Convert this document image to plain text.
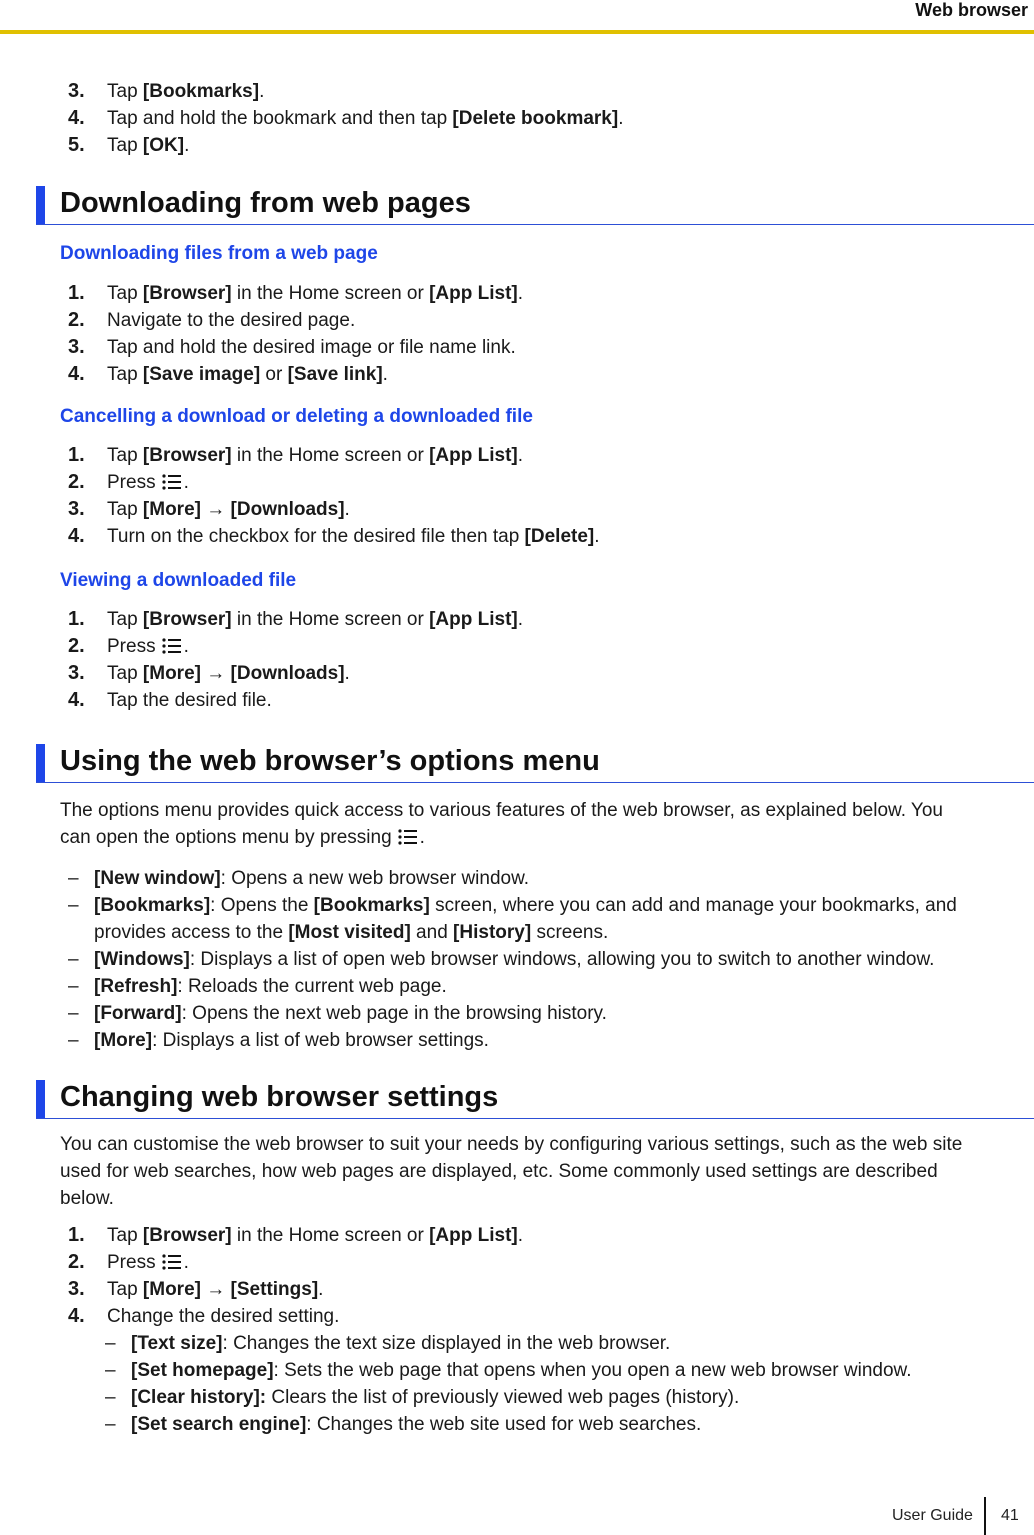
Web browser
3.	Tap [Bookmarks].
4.	Tap and hold the bookmark and then tap [Delete bookmark].
5.	Tap [OK].
Downloading from web pages
Downloading files from a web page
1.	Tap [Browser] in the Home screen or [App List].
2.	Navigate to the desired page.
3.	Tap and hold the desired image or file name link.
4.	Tap [Save image] or [Save link].
Cancelling a download or deleting a downloaded file
1.	Tap [Browser] in the Home screen or [App List].
2.	Press .
3.	Tap [More] → [Downloads].
4.	Turn on the checkbox for the desired file then tap [Delete].
Viewing a downloaded file
1.	Tap [Browser] in the Home screen or [App List].
2.	Press .
3.	Tap [More] → [Downloads].
4.	Tap the desired file.
Using the web browser’s options menu
The options menu provides quick access to various features of the web browser, as explained below. You
can open the options menu by pressing .
– [New window]: Opens a new web browser window.
– [Bookmarks]: Opens the [Bookmarks] screen, where you can add and manage your bookmarks, and
provides access to the [Most visited] and [History] screens.
– [Windows]: Displays a list of open web browser windows, allowing you to switch to another window.
– [Refresh]: Reloads the current web page.
– [Forward]: Opens the next web page in the browsing history.
– [More]: Displays a list of web browser settings.
Changing web browser settings
You can customise the web browser to suit your needs by configuring various settings, such as the web site
used for web searches, how web pages are displayed, etc. Some commonly used settings are described
below.
1.	Tap [Browser] in the Home screen or [App List].
2.	Press .
3.	Tap [More] → [Settings].
4.	Change the desired setting.
– [Text size]: Changes the text size displayed in the web browser.
– [Set homepage]: Sets the web page that opens when you open a new web browser window.
– [Clear history]: Clears the list of previously viewed web pages (history).
– [Set search engine]: Changes the web site used for web searches.
User Guide 41
